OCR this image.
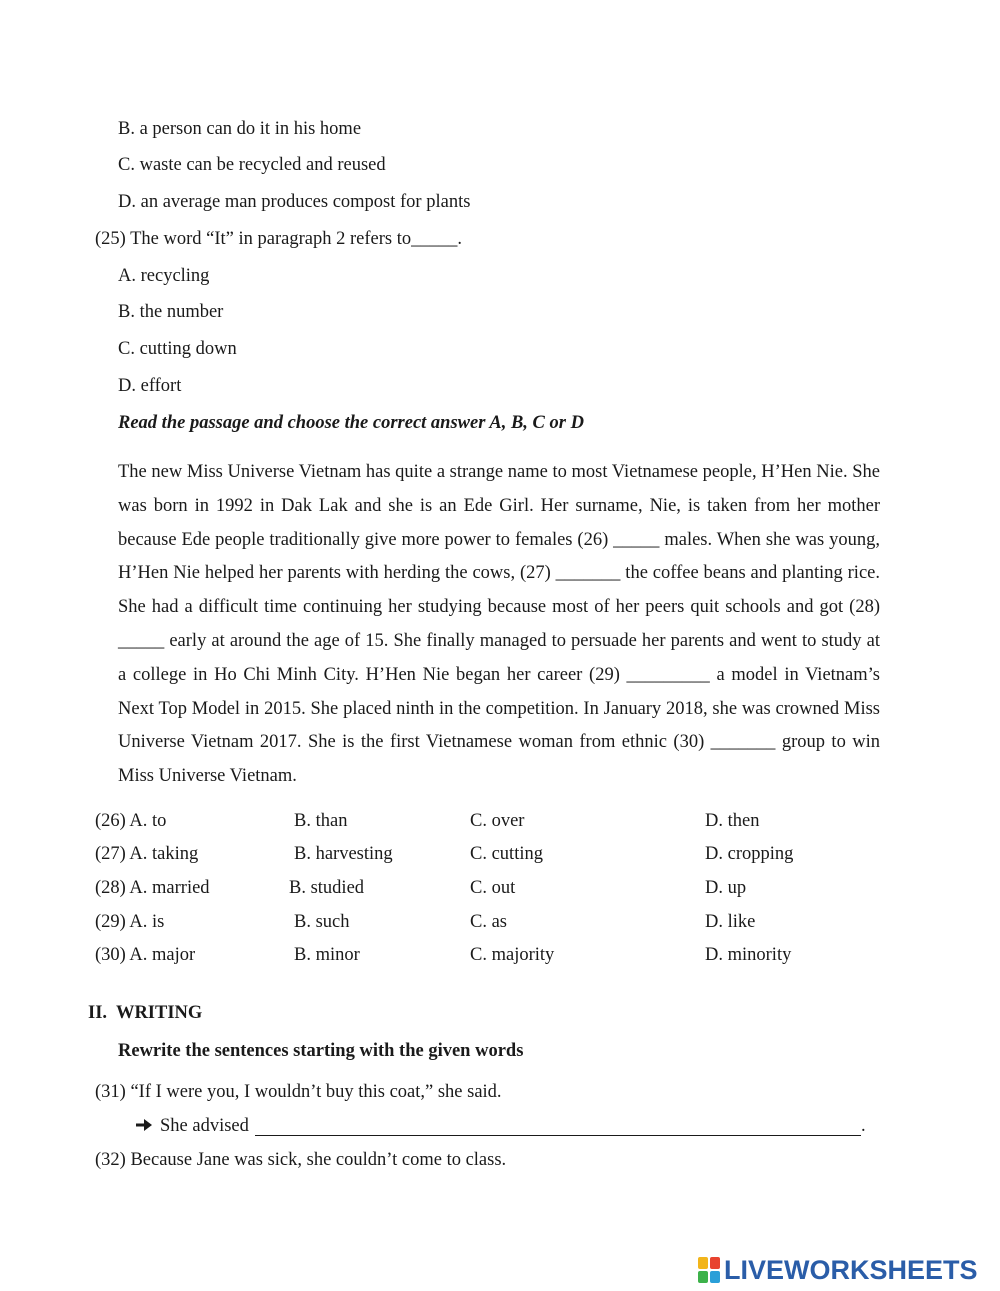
B. a person can do it in his home
C. waste can be recycled and reused
D. an average man produces compost for plants
(25) The word “It” in paragraph 2 refers to_____.
A. recycling
B. the number
C. cutting down
D. effort
Read the passage and choose the correct answer A, B, C or D
The new Miss Universe Vietnam has quite a strange name to most Vietnamese people, H’Hen Nie. She was born in 1992 in Dak Lak and she is an Ede Girl. Her surname, Nie, is taken from her mother because Ede people traditionally give more power to females (26) _____ males. When she was young, H’Hen Nie helped her parents with herding the cows, (27) _______ the coffee beans and planting rice. She had a difficult time continuing her studying because most of her peers quit schools and got (28) _____ early at around the age of 15. She finally managed to persuade her parents and went to study at a college in Ho Chi Minh City. H’Hen Nie began her career (29) _________ a model in Vietnam’s Next Top Model in 2015. She placed ninth in the competition. In January 2018, she was crowned Miss Universe Vietnam 2017. She is the first Vietnamese woman from ethnic (30) _______ group to win Miss Universe Vietnam.
(26) A. to	B. than	C. over	D. then
(27) A. taking	B. harvesting	C. cutting	D. cropping
(28) A. married	B. studied	C. out	D. up
(29) A. is	B. such	C. as	D. like
(30) A. major	B. minor	C. majority	D. minority
II.  WRITING
Rewrite the sentences starting with the given words
(31) “If I were you, I wouldn’t buy this coat,” she said.
She advised	.
(32) Because Jane was sick, she couldn’t come to class.
LIVEWORKSHEETS
